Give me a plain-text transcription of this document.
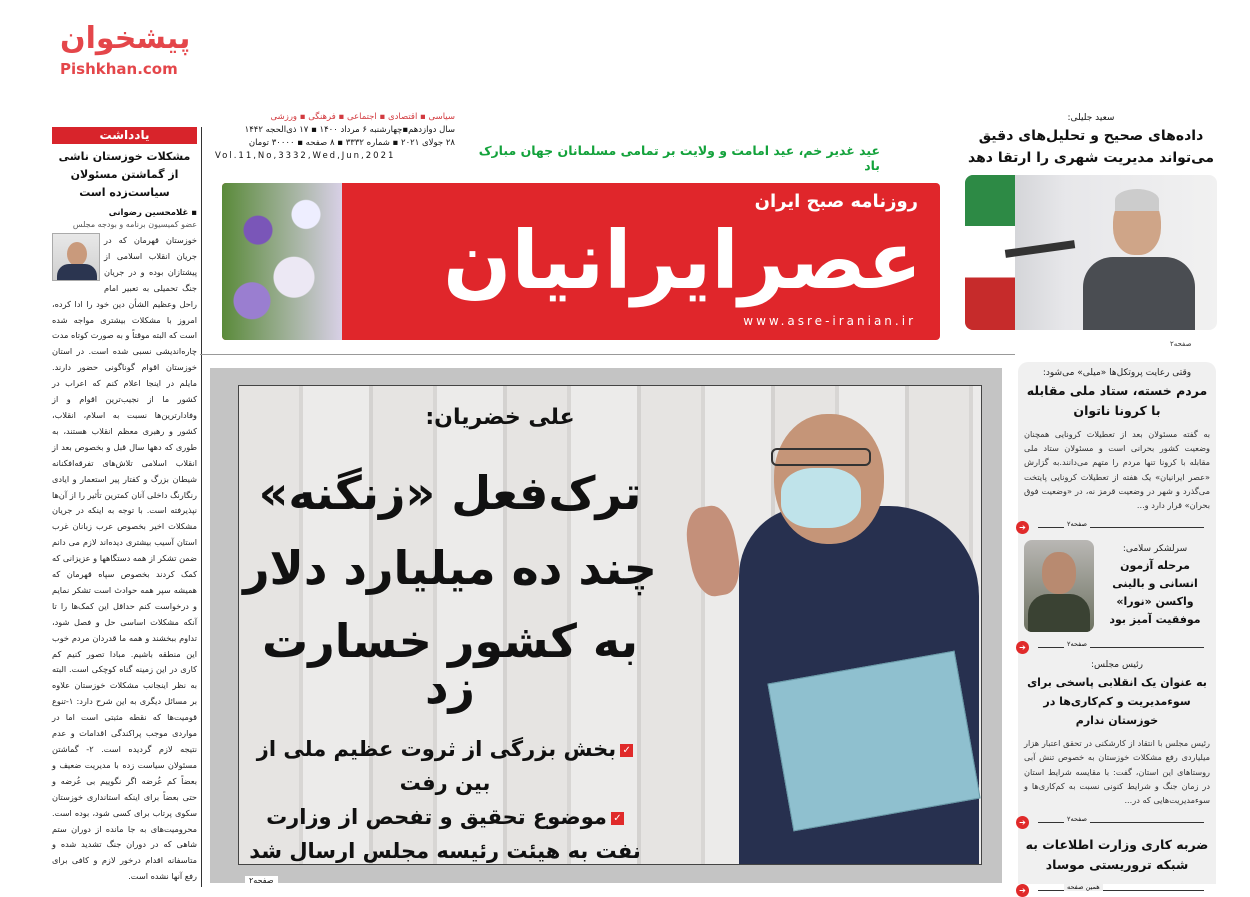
یادداشت
مشکلات خوزستان ناشی از گماشتن مسئولان سیاست‌زده است
▪ غلامحسین رضوانی
عضو کمیسیون برنامه و بودجه مجلس
خوزستان قهرمان که در جریان انقلاب اسلامی از پیشتازان بوده و در جریان جنگ تحمیلی به تعبیر امام راحل وعظیم الشأن دین خود را ادا کرده، امروز با مشکلات بیشتری مواجه شده است که البته موقتاً و به صورت کوتاه مدت چاره‌اندیشی نسبی شده است. در استان خوزستان اقوام گوناگونی حضور دارند. مایلم در اینجا اعلام کنم که اعراب در کشور ما از نجیب‌ترین اقوام و از وفادارترین‌ها نسبت به اسلام، انقلاب، کشور و رهبری معظم انقلاب هستند، به طوری که دهها سال قبل و بخصوص بعد از انقلاب اسلامی تلاش‌های تفرقه‌افکنانه شیطان بزرگ و کفتار پیر استعمار و ایادی رنگارنگ داخلی آنان کمترین تأثیر را از آن‌ها نپذیرفته است. با توجه به اینکه در جریان مشکلات اخیر بخصوص عرب زبانان غرب استان آسیب بیشتری دیده‌اند لازم می دانم ضمن تشکر از همه دستگاهها و عزیزانی که کمک کردند بخصوص سپاه قهرمان که همیشه سپر همه حوادث است تشکر نمایم و درخواست کنم حداقل این کمک‌ها را تا آنکه مشکلات اساسی حل و فصل شود، تداوم ببخشند و همه ما قدردان مردم خوب این منطقه باشیم. مبادا تصور کنیم کم کاری در این زمینه گناه کوچکی است. البته به نظر اینجانب مشکلات خوزستان علاوه بر مسائل دیگری به این شرح دارد: ۱-تنوع قومیت‌ها که نقطه مثبتی است اما در مواردی موجب پراکندگی اقدامات و عدم نتیجه لازم گردیده است. ۲- گماشتن مسئولان سیاست زده با مدیریت ضعیف و بعضاً کم عُرضه اگر نگوییم بی عُرضه و حتی بعضاً برای اینکه استانداری خوزستان سکوی پرتاب برای کسی شود، بوده است. محرومیت‌های به جا مانده از دوران ستم شاهی که در دوران جنگ تشدید شده و متاسفانه اقدام درخور لازم و کافی برای رفع آنها نشده است.
سیاسی ▪ اقتصادی ▪ اجتماعی ▪ فرهنگی ▪ ورزشی
سال دوازدهم▪چهارشنبه ۶ مرداد ۱۴۰۰ ▪ ۱۷ ذی‌الحجه ۱۴۴۲
۲۸ جولای ۲۰۲۱ ▪ شماره ۳۳۳۲ ▪ ۸ صفحه ▪ ۳۰۰۰۰ تومان
Vol.11,No,3332,Wed,Jun,2021	عید غدیر خم، عید امامت و ولایت بر تمامی مسلمانان جهان مبارک باد
روزنامه صبح ایران
عصرایرانیان
www.asre-iranian.ir
سعید جلیلی:
داده‌های صحیح و تحلیل‌های دقیق می‌تواند مدیریت شهری را ارتقا دهد
صفحه۲
علی خضریان:
ترک‌فعل «زنگنه»
چند ده میلیارد دلار
به کشور خسارت زد
✓بخش بزرگی از ثروت عظیم ملی از بین رفت
✓موضوع تحقیق و تفحص از وزارت نفت به هیئت رئیسه مجلس ارسال شد
صفحه۲
وقتی رعایت پروتکل‌ها «میلی» می‌شود:
مردم خسته، ستاد ملی مقابله با کرونا ناتوان
به گفته مسئولان بعد از تعطیلات کرونایی همچنان وضعیت کشور بحرانی است و مسئولان ستاد ملی مقابله با کرونا تنها مردم را متهم می‌دانند.به گزارش «عصر ایرانیان» یک هفته از تعطیلات کرونایی پایتخت می‌گذرد و شهر در وضعیت قرمز نه، در «وضعیت فوق بحران» قرار دارد و...
صفحه۲
➔
سرلشکر سلامی:
مرحله آزمون انسانی و بالینی واکسن «نورا» موفقیت آمیز بود
صفحه۲
➔
رئیس مجلس:
به عنوان یک انقلابی پاسخی برای سوءمدیریت و کم‌کاری‌ها در خوزستان ندارم
رئیس مجلس با انتقاد از کارشکنی در تحقق اعتبار هزار میلیاردی رفع مشکلات خوزستان به خصوص تنش آبی روستاهای این استان، گفت: با مقایسه شرایط استان در زمان جنگ و شرایط کنونی نسبت به کم‌کاری‌ها و سوءمدیریت‌هایی که در...
صفحه۲
➔
ضربه کاری وزارت اطلاعات به شبکه تروریستی موساد
همین صفحه
➔
پیشخوان
Pishkhan.com
